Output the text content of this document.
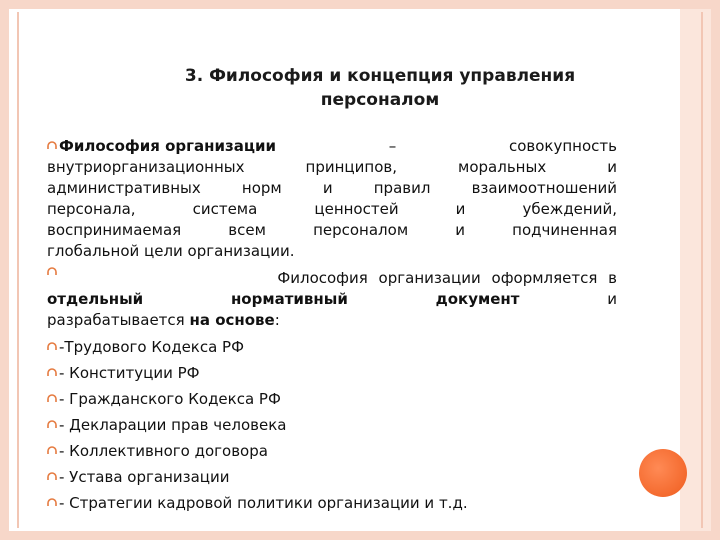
3. Философия и концепция управления
персоналом
Философия организации	–	совокупность
внутриорганизационных принципов, моральных и
административных норм и правил взаимоотношений
персонала, система ценностей и убеждений,
воспринимаемая всем персоналом и подчиненная
глобальной цели организации.
Философия организации оформляется в
отдельный	нормативный	документ	и
разрабатывается на основе:
-Трудового Кодекса РФ
- Конституции РФ
- Гражданского Кодекса РФ
- Декларации прав человека
- Коллективного договора
- Устава организации
- Стратегии кадровой политики организации и т.д.
